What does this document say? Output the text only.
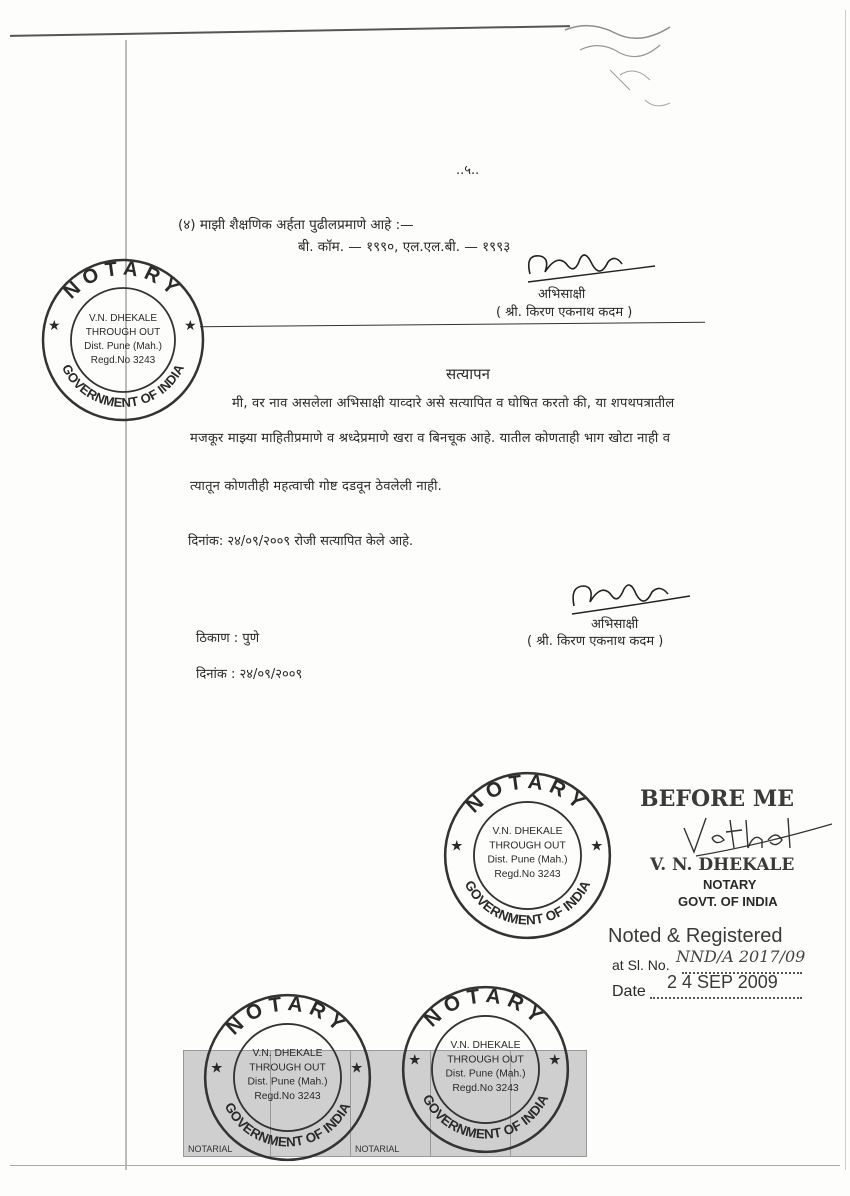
..५..
(४) माझी शैक्षणिक अर्हता पुढीलप्रमाणे आहे :—
बी. कॉम. — १९९०, एल.एल.बी. — १९९३
अभिसाक्षी
( श्री. किरण एकनाथ कदम )
सत्यापन
मी, वर नाव असलेला अभिसाक्षी याव्दारे असे सत्यापित व घोषित करतो की, या शपथपत्रातील
मजकूर माझ्या माहितीप्रमाणे व श्रध्देप्रमाणे खरा व बिनचूक आहे. यातील कोणताही भाग खोटा नाही व
त्यातून कोणतीही महत्वाची गोष्ट दडवून ठेवलेली नाही.
दिनांक: २४/०९/२००९ रोजी सत्यापित केले आहे.
अभिसाक्षी
( श्री. किरण एकनाथ कदम )
ठिकाण : पुणे
दिनांक : २४/०९/२००९
NOTARY
GOVERNMENT OF INDIA
★	★
V.N. DHEKALE
THROUGH OUT
Dist. Pune (Mah.)
Regd.No 3243
NOTARY
GOVERNMENT OF INDIA
★	★
V.N. DHEKALE
THROUGH OUT
Dist. Pune (Mah.)
Regd.No 3243
NOTARIAL	NOTARIAL
NOTARY
GOVERNMENT OF INDIA
★	★
V.N. DHEKALE
THROUGH OUT
Dist. Pune (Mah.)
Regd.No 3243
NOTARY
GOVERNMENT OF INDIA
★	★
V.N. DHEKALE
THROUGH OUT
Dist. Pune (Mah.)
Regd.No 3243
BEFORE ME
V. N. DHEKALE
NOTARY
GOVT. OF INDIA
Noted & Registered
at Sl. No. NND/A 2017/09
Date 2 4 SEP 2009
